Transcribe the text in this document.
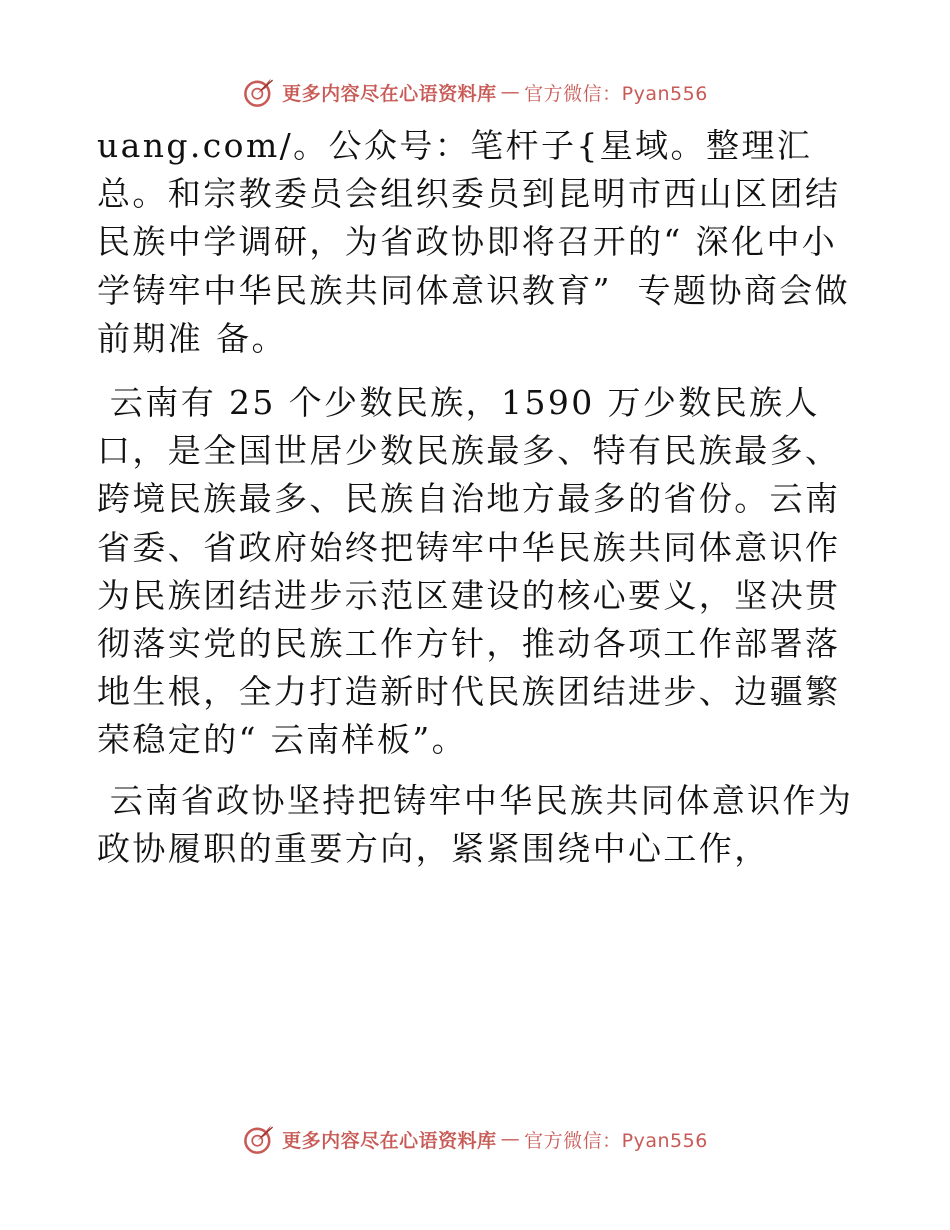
更多内容尽在心语资料库 — 官方微信：Pyan556

uang.com/。公众号：笔杆子{星域。整理汇总。和宗教委员会组织委员到昆明市西山区团结民族中学调研，为省政协即将召开的“ 深化中小学铸牢中华民族共同体意识教育”  专题协商会做前期准 备。

云南有 25 个少数民族，1590 万少数民族人口，是全国世居少数民族最多、特有民族最多、跨境民族最多、民族自治地方最多的省份。云南省委、省政府始终把铸牢中华民族共同体意识作为民族团结进步示范区建设的核心要义，坚决贯彻落实党的民族工作方针，推动各项工作部署落地生根，全力打造新时代民族团结进步、边疆繁荣稳定的“ 云南样板”。

云南省政协坚持把铸牢中华民族共同体意识作为政协履职的重要方向，紧紧围绕中心工作，

更多内容尽在心语资料库 — 官方微信：Pyan556
